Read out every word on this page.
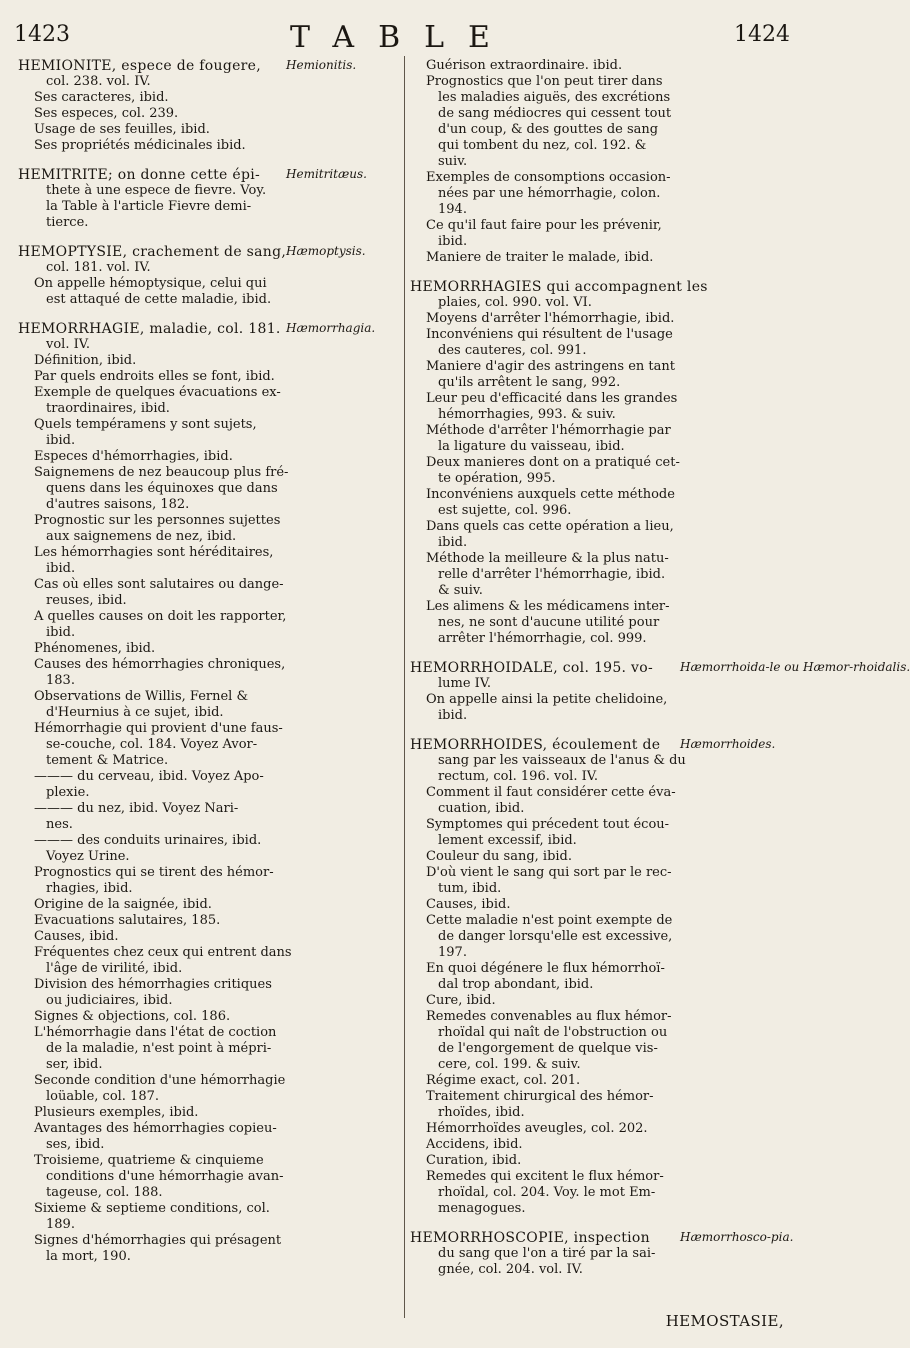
1423	TABLE	1424
HEMIONITE, espece de fougere,
col. 238. vol. IV.
Ses caracteres, ibid.
Ses especes, col. 239.
Usage de ses feuilles, ibid.
Ses propriétés médicinales ibid.
Hemionitis.
HEMITRITE; on donne cette épi-
thete à une espece de fievre. Voy.
la Table à l'article Fievre demi-
tierce.
Hemitritæus.
HEMOPTYSIE, crachement de sang,
col. 181. vol. IV.
On appelle hémoptysique, celui qui
est attaqué de cette maladie, ibid.
Hæmoptysis.
HEMORRHAGIE, maladie, col. 181.
vol. IV.
Définition, ibid.
Par quels endroits elles se font, ibid.
Exemple de quelques évacuations ex-
traordinaires, ibid.
Quels tempéramens y sont sujets,
ibid.
Especes d'hémorrhagies, ibid.
Saignemens de nez beaucoup plus fré-
quens dans les équinoxes que dans
d'autres saisons, 182.
Prognostic sur les personnes sujettes
aux saignemens de nez, ibid.
Les hémorrhagies sont héréditaires,
ibid.
Cas où elles sont salutaires ou dange-
reuses, ibid.
A quelles causes on doit les rapporter,
ibid.
Phénomenes, ibid.
Causes des hémorrhagies chroniques,
183.
Observations de Willis, Fernel &
d'Heurnius à ce sujet, ibid.
Hémorrhagie qui provient d'une faus-
se-couche, col. 184. Voyez Avor-
tement & Matrice.
——— du cerveau, ibid. Voyez Apo-
plexie.
——— du nez, ibid. Voyez Nari-
nes.
——— des conduits urinaires, ibid.
Voyez Urine.
Prognostics qui se tirent des hémor-
rhagies, ibid.
Origine de la saignée, ibid.
Evacuations salutaires, 185.
Causes, ibid.
Fréquentes chez ceux qui entrent dans
l'âge de virilité, ibid.
Division des hémorrhagies critiques
ou judiciaires, ibid.
Signes & objections, col. 186.
L'hémorrhagie dans l'état de coction
de la maladie, n'est point à mépri-
ser, ibid.
Seconde condition d'une hémorrhagie
loüable, col. 187.
Plusieurs exemples, ibid.
Avantages des hémorrhagies copieu-
ses, ibid.
Troisieme, quatrieme & cinquieme
conditions d'une hémorrhagie avan-
tageuse, col. 188.
Sixieme & septieme conditions, col.
189.
Signes d'hémorrhagies qui présagent
la mort, 190.
Hæmorrhagia.
Guérison extraordinaire. ibid.
Prognostics que l'on peut tirer dans
les maladies aiguës, des excrétions
de sang médiocres qui cessent tout
d'un coup, & des gouttes de sang
qui tombent du nez, col. 192. &
suiv.
Exemples de consomptions occasion-
nées par une hémorrhagie, colon.
194.
Ce qu'il faut faire pour les prévenir,
ibid.
Maniere de traiter le malade, ibid.
HEMORRHAGIES qui accompagnent les
plaies, col. 990. vol. VI.
Moyens d'arrêter l'hémorrhagie, ibid.
Inconvéniens qui résultent de l'usage
des cauteres, col. 991.
Maniere d'agir des astringens en tant
qu'ils arrêtent le sang, 992.
Leur peu d'efficacité dans les grandes
hémorrhagies, 993. & suiv.
Méthode d'arrêter l'hémorrhagie par
la ligature du vaisseau, ibid.
Deux manieres dont on a pratiqué cet-
te opération, 995.
Inconvéniens auxquels cette méthode
est sujette, col. 996.
Dans quels cas cette opération a lieu,
ibid.
Méthode la meilleure & la plus natu-
relle d'arrêter l'hémorrhagie, ibid.
& suiv.
Les alimens & les médicamens inter-
nes, ne sont d'aucune utilité pour
arrêter l'hémorrhagie, col. 999.
HEMORRHOIDALE, col. 195. vo-
lume IV.
On appelle ainsi la petite chelidoine,
ibid.
Hæmorrhoida-le ou Hæmor-rhoidalis.
HEMORRHOIDES, écoulement de
sang par les vaisseaux de l'anus & du
rectum, col. 196. vol. IV.
Comment il faut considérer cette éva-
cuation, ibid.
Symptomes qui précedent tout écou-
lement excessif, ibid.
Couleur du sang, ibid.
D'où vient le sang qui sort par le rec-
tum, ibid.
Causes, ibid.
Cette maladie n'est point exempte de
de danger lorsqu'elle est excessive,
197.
En quoi dégénere le flux hémorrhoï-
dal trop abondant, ibid.
Cure, ibid.
Remedes convenables au flux hémor-
rhoïdal qui naît de l'obstruction ou
de l'engorgement de quelque vis-
cere, col. 199. & suiv.
Régime exact, col. 201.
Traitement chirurgical des hémor-
rhoïdes, ibid.
Hémorrhoïdes aveugles, col. 202.
Accidens, ibid.
Curation, ibid.
Remedes qui excitent le flux hémor-
rhoïdal, col. 204. Voy. le mot Em-
menagogues.
Hæmorrhoides.
HEMORRHOSCOPIE, inspection
du sang que l'on a tiré par la sai-
gnée, col. 204. vol. IV.
Hæmorrhosco-pia.
HEMOSTASIE,
